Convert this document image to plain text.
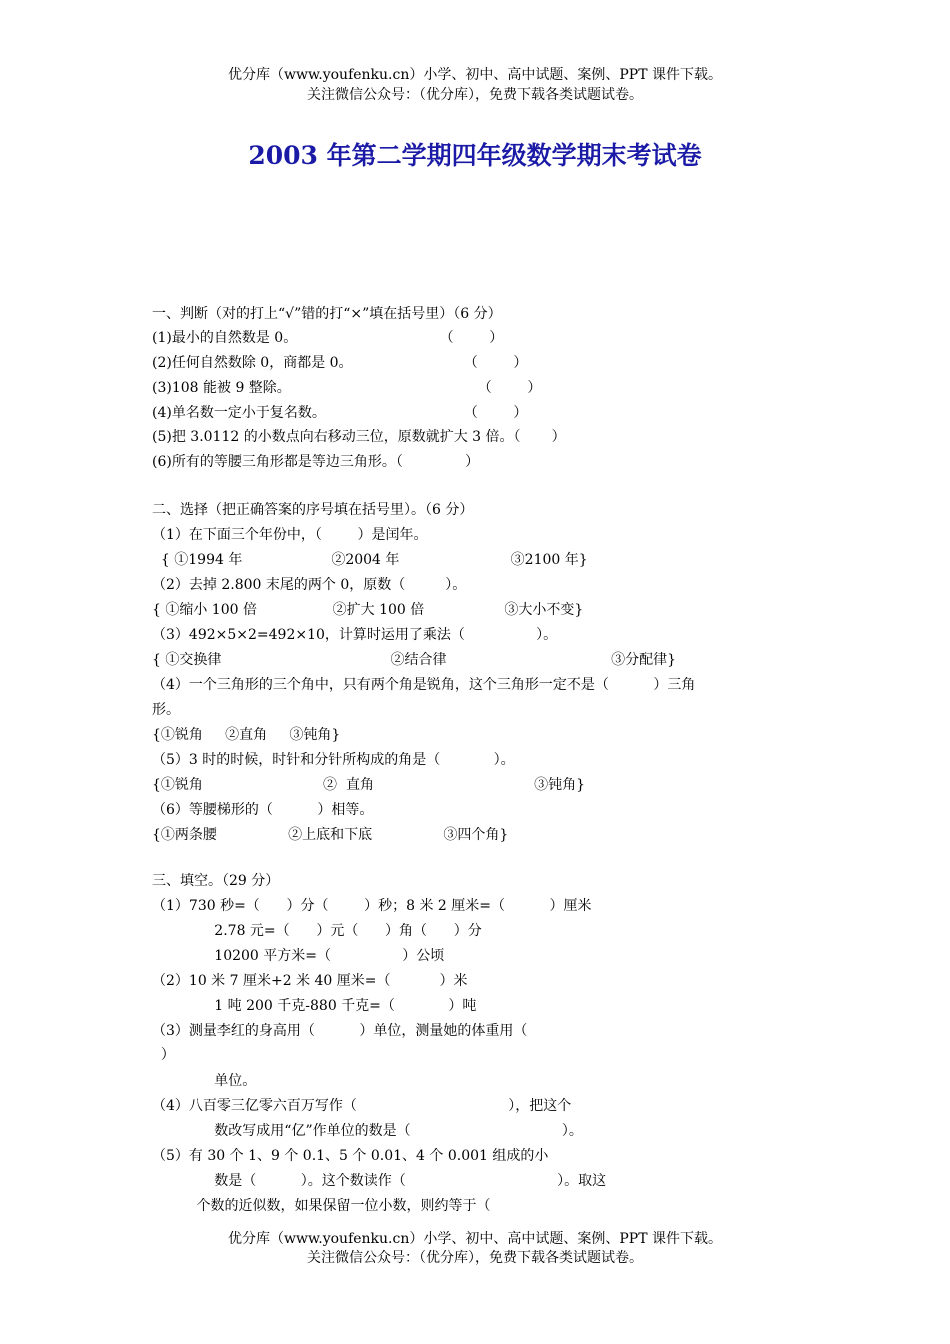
优分库（www.youfenku.cn）小学、初中、高中试题、案例、PPT 课件下载。
关注微信公众号：（优分库），免费下载各类试题试卷。
2003 年第二学期四年级数学期末考试卷
一、判断（对的打上“√”错的打“×”填在括号里）（6 分）
(1)最小的自然数是 0。                                （        ）
(2)任何自然数除 0，商都是 0。                         （        ）
(3)108 能被 9 整除。                                          （        ）
(4)单名数一定小于复名数。                               （        ）
(5)把 3.0112 的小数点向右移动三位，原数就扩大 3 倍。（       ）
(6)所有的等腰三角形都是等边三角形。（              ）
二、选择（把正确答案的序号填在括号里）。（6 分）
（1）在下面三个年份中，（        ）是闰年。
{ ①1994 年                    ②2004 年                         ③2100 年}
（2）去掉 2.800 末尾的两个 0，原数（         ）。
{ ①缩小 100 倍                 ②扩大 100 倍                  ③大小不变}
（3）492×5×2=492×10，计算时运用了乘法（                ）。
{ ①交换律                                      ②结合律                                     ③分配律}
（4）一个三角形的三个角中，只有两个角是锐角，这个三角形一定不是（          ）三角
形。
{①锐角     ②直角     ③钝角}
（5）3 时的时候，时针和分针所构成的角是（            ）。
{①锐角                           ②  直角                                    ③钝角}
（6）等腰梯形的（          ）相等。
{①两条腰                ②上底和下底                ③四个角}
三、填空。（29 分）
（1）730 秒=（      ）分（        ）秒；8 米 2 厘米=（          ）厘米
2.78 元=（      ）元（      ）角（      ）分
10200 平方米=（                ）公顷
（2）10 米 7 厘米+2 米 40 厘米=（           ）米
1 吨 200 千克-880 千克=（            ）吨
（3）测量李红的身高用（          ）单位，测量她的体重用（
）
单位。
（4）八百零三亿零六百万写作（                                  ），把这个
数改写成用“亿”作单位的数是（                                  ）。
（5）有 30 个 1、9 个 0.1、5 个 0.01、4 个 0.001 组成的小
数是（          ）。这个数读作（                                  ）。取这
个数的近似数，如果保留一位小数，则约等于（
优分库（www.youfenku.cn）小学、初中、高中试题、案例、PPT 课件下载。
关注微信公众号：（优分库），免费下载各类试题试卷。
